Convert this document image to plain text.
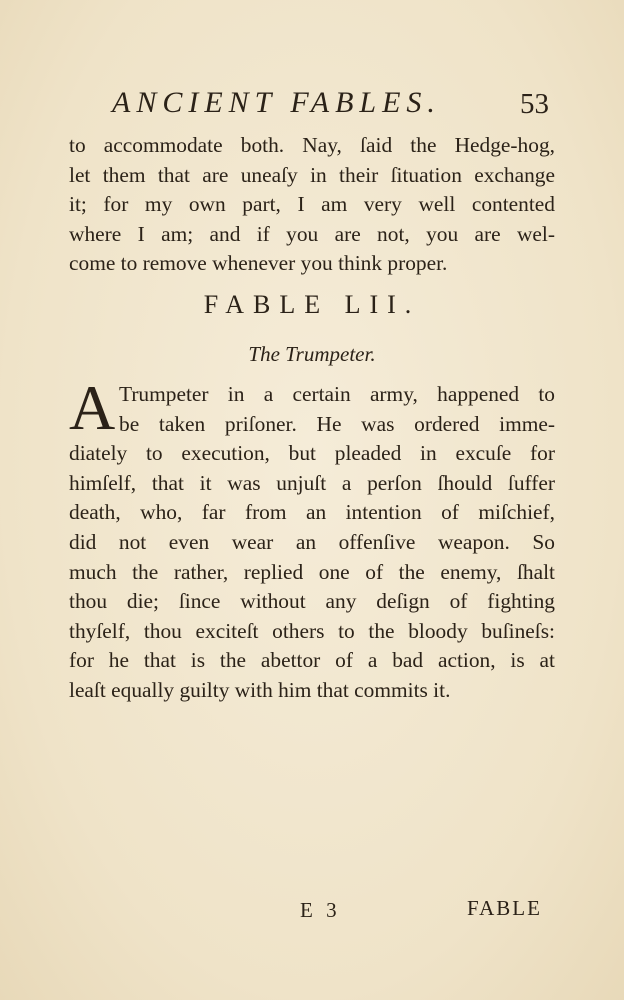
ANCIENT FABLES.	53
to accommodate both. Nay, ſaid the Hedge-hog,
let them that are uneaſy in their ſituation exchange
it; for my own part, I am very well contented
where I am; and if you are not, you are wel-
come to remove whenever you think proper.
FABLE LII.
The Trumpeter.
A Trumpeter in a certain army, happened to
be taken priſoner. He was ordered imme-
diately to execution, but pleaded in excuſe for
himſelf, that it was unjuſt a perſon ſhould ſuffer
death, who, far from an intention of miſchief,
did not even wear an offenſive weapon. So
much the rather, replied one of the enemy, ſhalt
thou die; ſince without any deſign of fighting
thyſelf, thou exciteſt others to the bloody buſineſs:
for he that is the abettor of a bad action, is at
leaſt equally guilty with him that commits it.
E 3	FABLE
